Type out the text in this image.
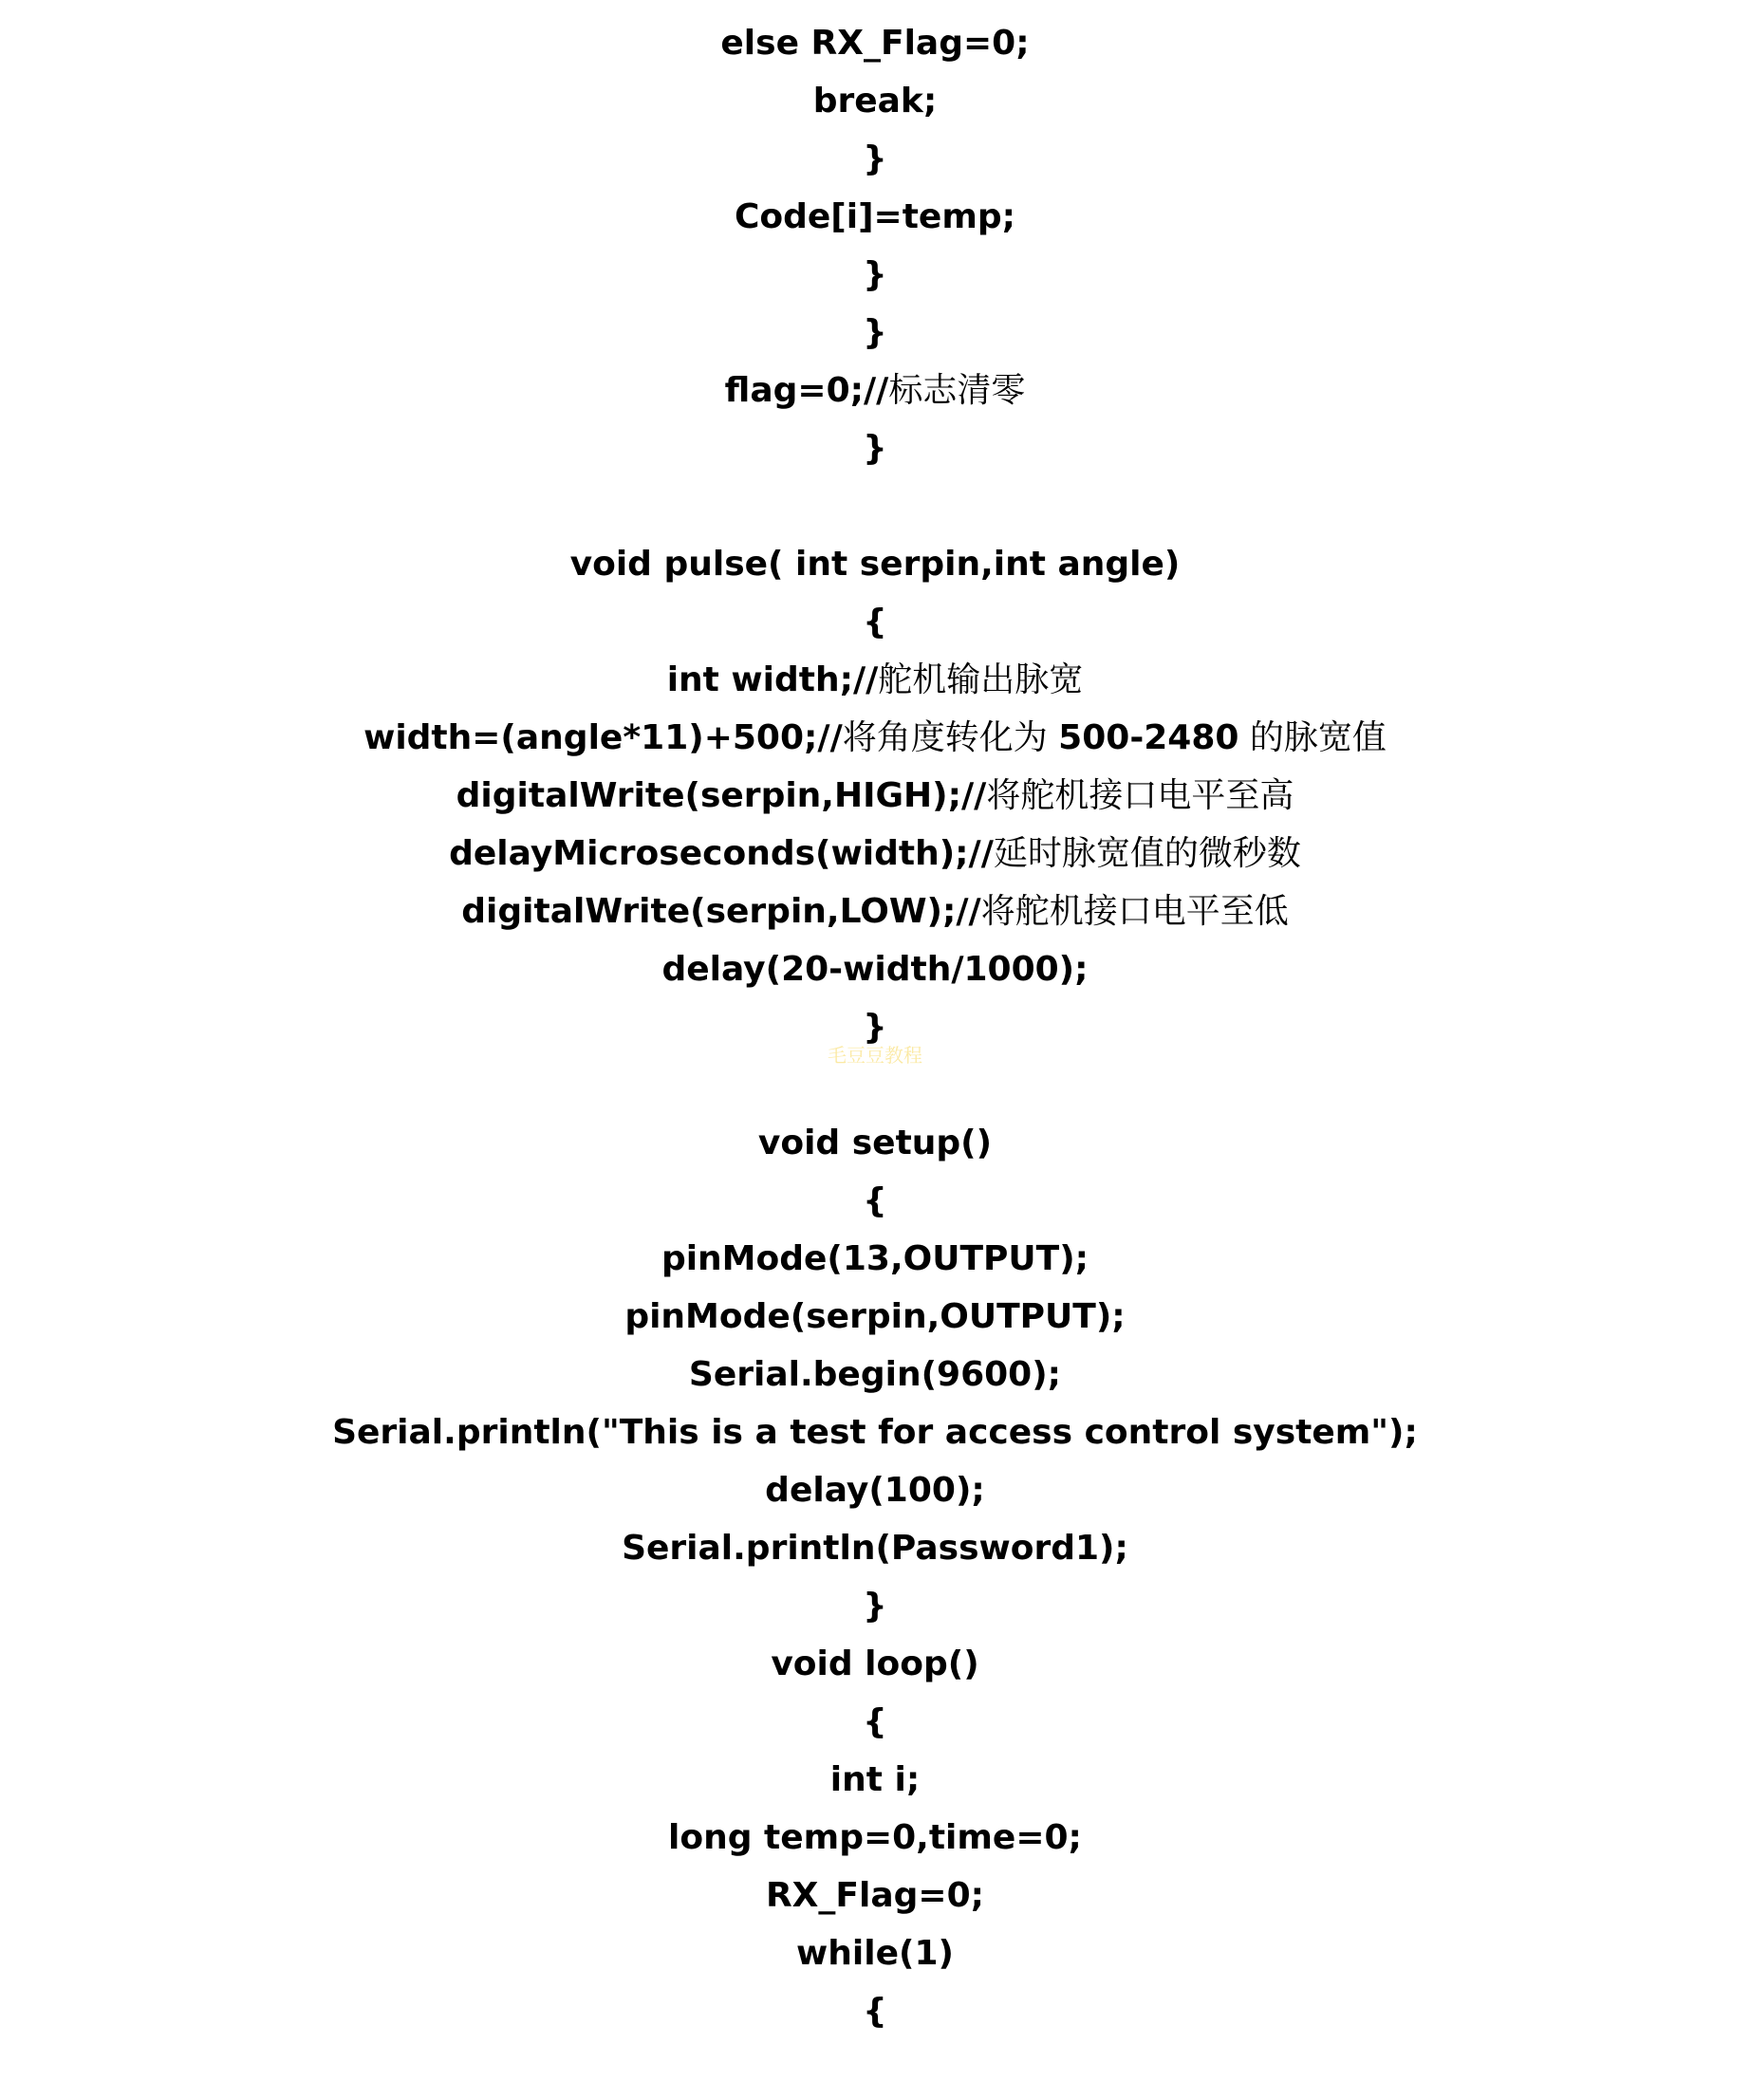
else RX_Flag=0;
break;
}
Code[i]=temp;
}
}
flag=0;//标志清零
}
void pulse( int serpin,int angle)
{
int width;//舵机输出脉宽
width=(angle*11)+500;//将角度转化为 500-2480 的脉宽值
digitalWrite(serpin,HIGH);//将舵机接口电平至高
delayMicroseconds(width);//延时脉宽值的微秒数
digitalWrite(serpin,LOW);//将舵机接口电平至低
delay(20-width/1000);
}
void setup()
{
pinMode(13,OUTPUT);
pinMode(serpin,OUTPUT);
Serial.begin(9600);
Serial.println("This is a test for access control system");
delay(100);
Serial.println(Password1);
}
void loop()
{
int i;
long temp=0,time=0;
RX_Flag=0;
while(1)
{
毛豆豆教程
